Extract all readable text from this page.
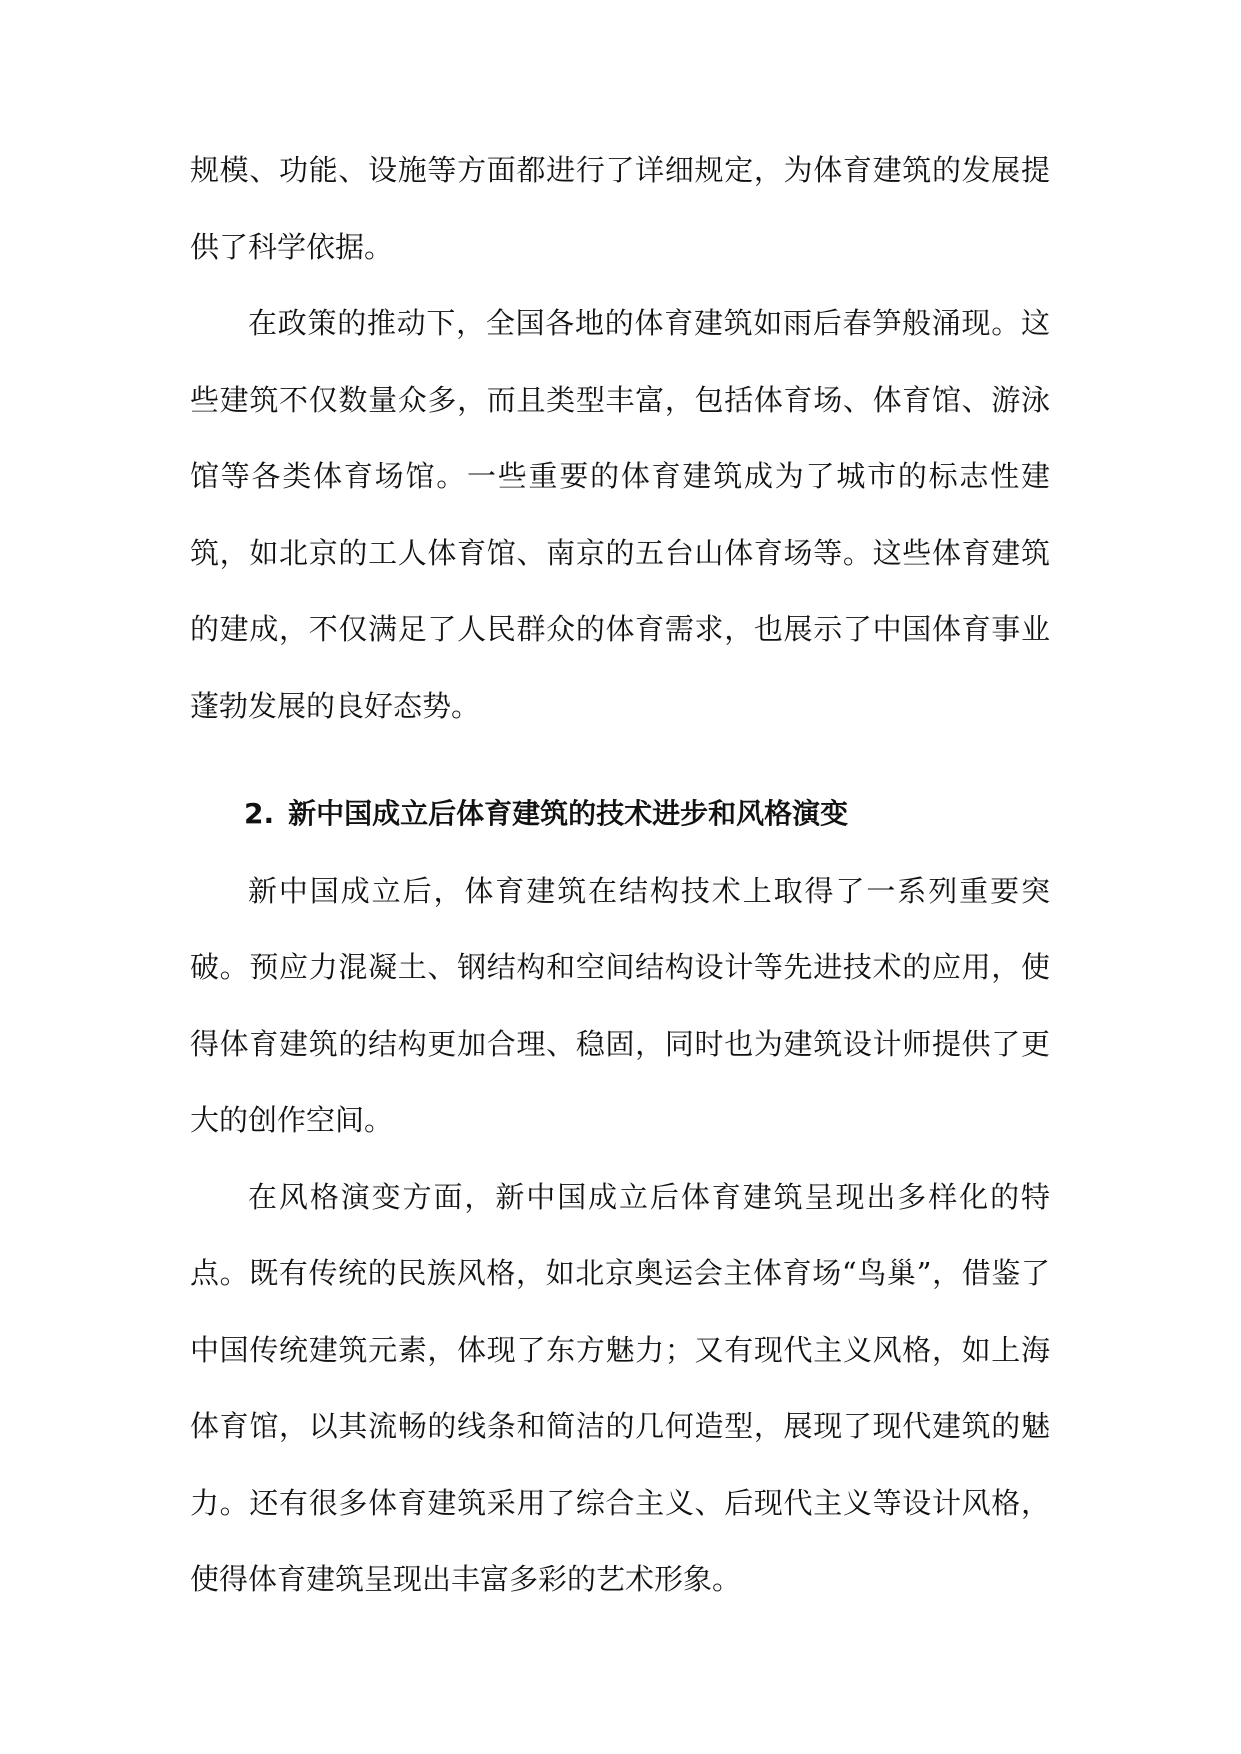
规模、功能、设施等方面都进行了详细规定，为体育建筑的发展提供了科学依据。

在政策的推动下，全国各地的体育建筑如雨后春笋般涌现。这些建筑不仅数量众多，而且类型丰富，包括体育场、体育馆、游泳馆等各类体育场馆。一些重要的体育建筑成为了城市的标志性建筑，如北京的工人体育馆、南京的五台山体育场等。这些体育建筑的建成，不仅满足了人民群众的体育需求，也展示了中国体育事业蓬勃发展的良好态势。

2. 新中国成立后体育建筑的技术进步和风格演变

新中国成立后，体育建筑在结构技术上取得了一系列重要突破。预应力混凝土、钢结构和空间结构设计等先进技术的应用，使得体育建筑的结构更加合理、稳固，同时也为建筑设计师提供了更大的创作空间。

在风格演变方面，新中国成立后体育建筑呈现出多样化的特点。既有传统的民族风格，如北京奥运会主体育场“鸟巢”，借鉴了中国传统建筑元素，体现了东方魅力；又有现代主义风格，如上海体育馆，以其流畅的线条和简洁的几何造型，展现了现代建筑的魅力。还有很多体育建筑采用了综合主义、后现代主义等设计风格，使得体育建筑呈现出丰富多彩的艺术形象。
